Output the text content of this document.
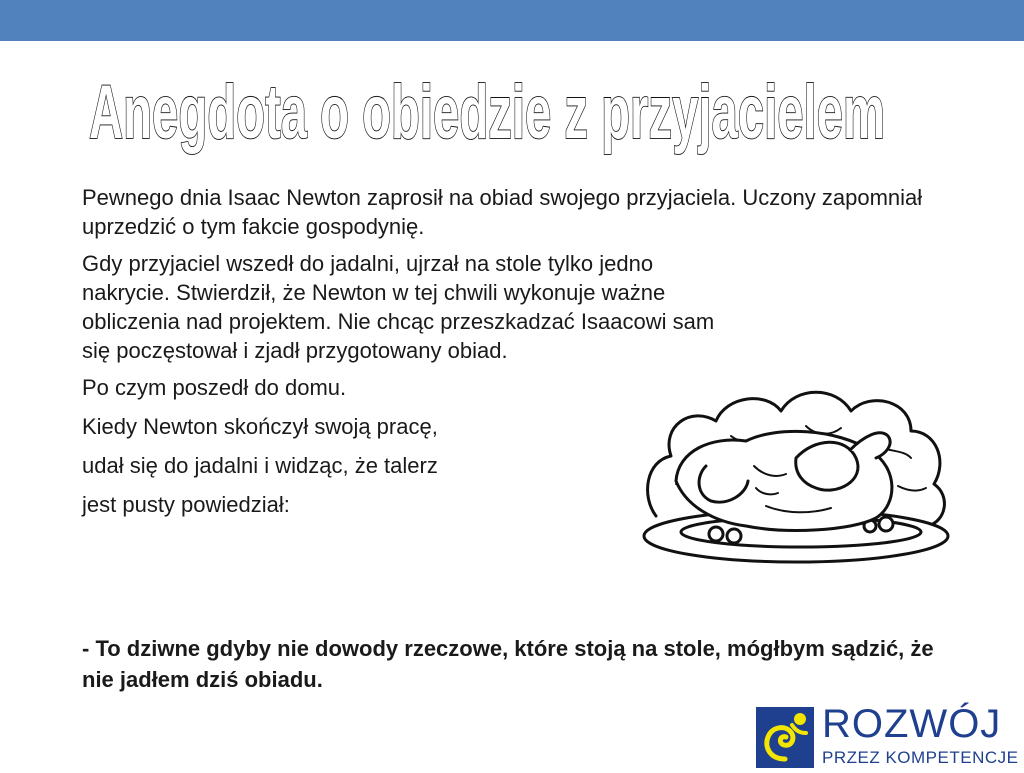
Anegdota o obiedzie z przyjacielem

Pewnego dnia Isaac Newton zaprosił na obiad swojego przyjaciela. Uczony zapomniał uprzedzić o tym fakcie gospodynię.

Gdy przyjaciel wszedł do jadalni, ujrzał na stole tylko jedno

nakrycie. Stwierdził, że Newton w tej chwili wykonuje ważne

obliczenia nad projektem. Nie chcąc przeszkadzać Isaacowi sam

się poczęstował i zjadł przygotowany obiad.

Po czym poszedł do domu.

Kiedy Newton skończył swoją pracę,

udał się do jadalni i widząc, że talerz

jest pusty powiedział:

- To dziwne gdyby nie dowody rzeczowe, które stoją na stole, mógłbym sądzić, że nie jadłem dziś obiadu.

ROZWÓJ
PRZEZ KOMPETENCJE
